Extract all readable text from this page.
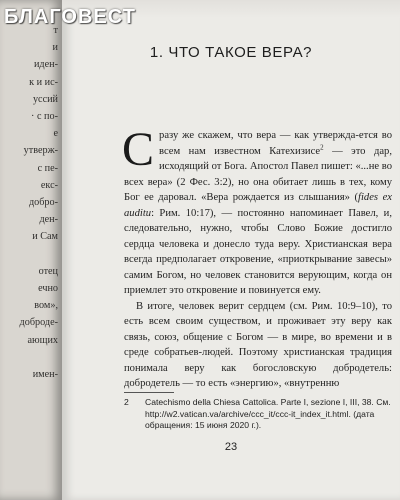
т
и
иден-
к и ис-
уссий
· с по-
е
утверж-
с пе-
екс-
добро-
ден-
и Сам
отец
ечно
вом»,
доброде-
ающих
имен-
1. ЧТО ТАКОЕ ВЕРА?

Сразу же скажем, что вера — как утвержда-ется во всем нам известном Катехизисе$^2$ — это дар, исходящий от Бога. Апостол Павел пишет: «...не во всех вера» (2 Фес. 3:2), но она обитает лишь в тех, кому Бог ее даровал. «Вера рождается из слышания» (fides ex auditu: Рим. 10:17), — постоянно напоминает Павел, и, следовательно, нужно, чтобы Слово Божие достигло сердца человека и донесло туда веру. Христианская вера всегда предполагает откровение, «приоткрывание завесы» самим Богом, но человек становится верующим, когда он приемлет это откровение и повинуется ему.

В итоге, человек верит сердцем (см. Рим. 10:9–10), то есть всем своим существом, и проживает эту веру как связь, союз, общение с Богом — в мире, во времени и в среде собратьев-людей. Поэтому христианская традиция понимала веру как богословскую добродетель: добродетель — то есть «энергию», «внутренню

2 Catechismo della Chiesa Cattolica. Parte I, sezione I, III, 38. См. http://w2.vatican.va/archive/ccc_it/ccc-it_index_it.html. (дата обращения: 15 июня 2020 г.).
23
БЛАГОВЕСТ
